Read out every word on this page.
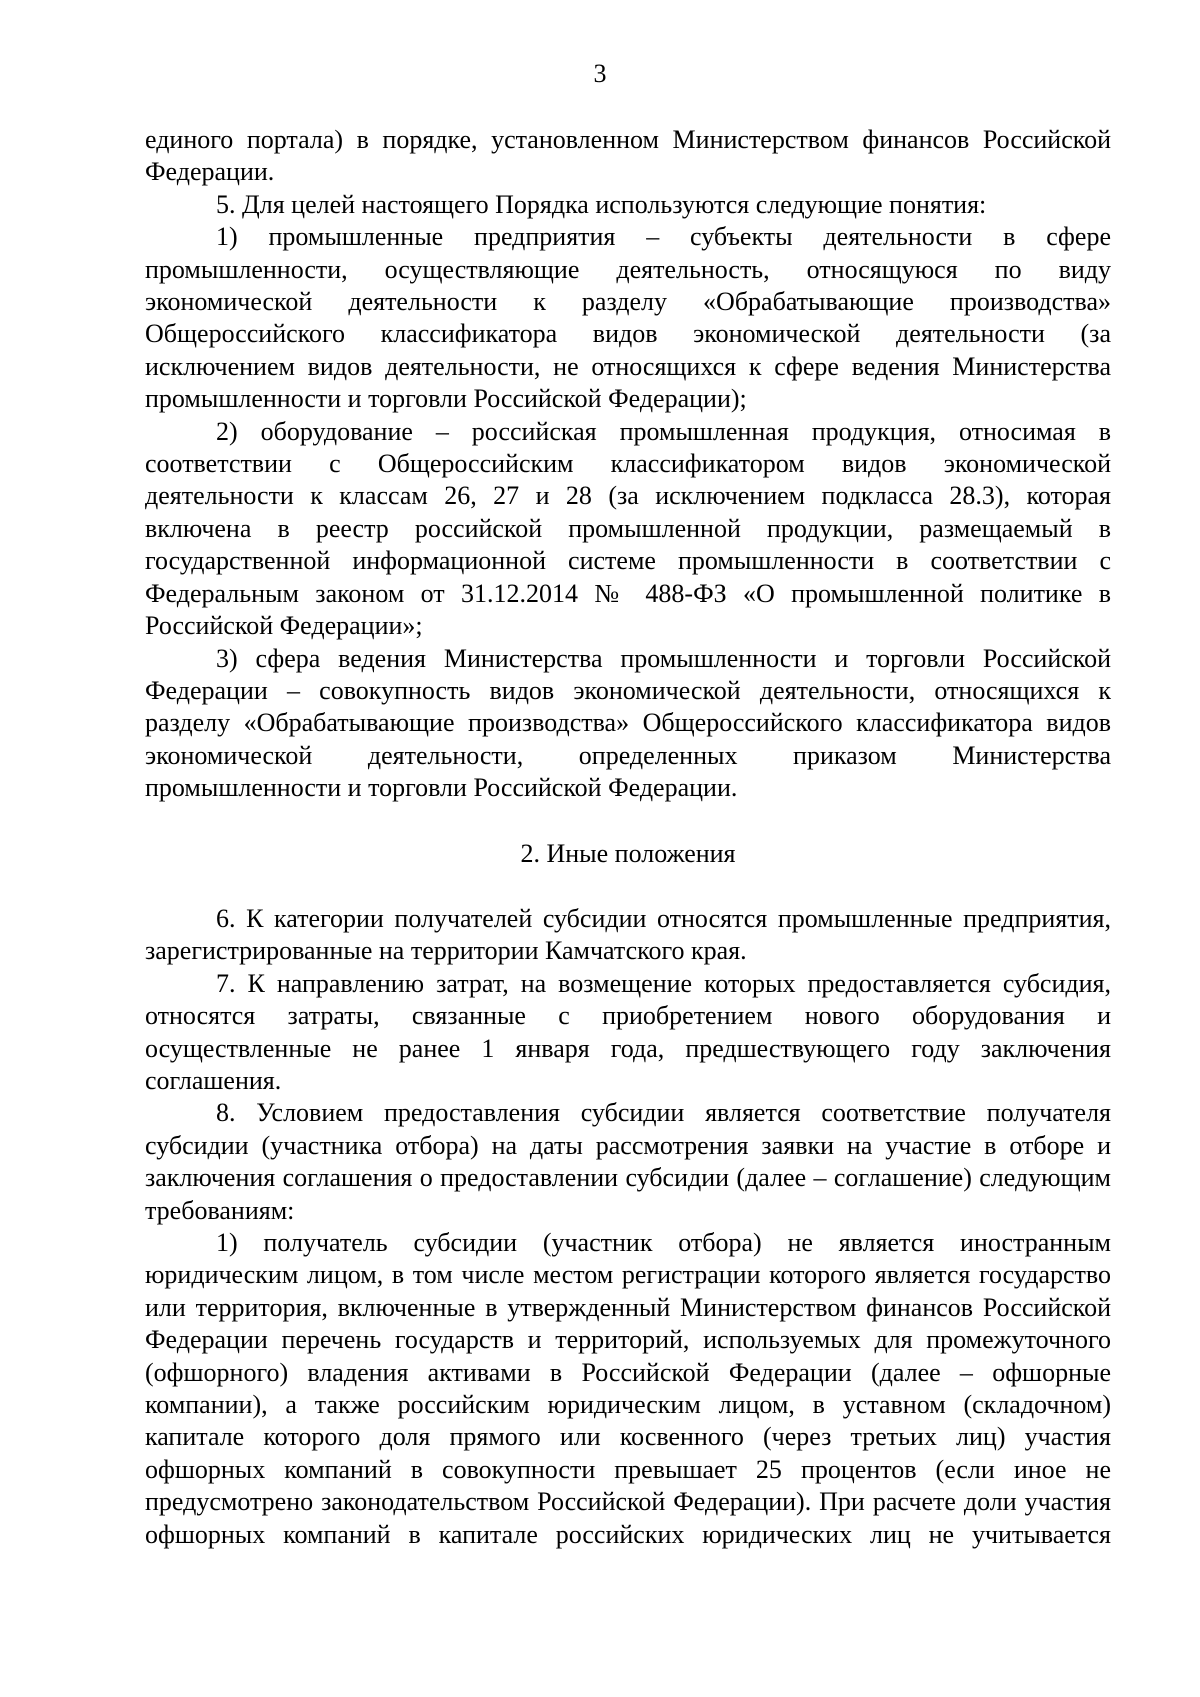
3

единого портала) в порядке, установленном Министерством финансов Российской Федерации.

5. Для целей настоящего Порядка используются следующие понятия:

1) промышленные предприятия – субъекты деятельности в сфере промышленности, осуществляющие деятельность, относящуюся по виду экономической деятельности к разделу «Обрабатывающие производства» Общероссийского классификатора видов экономической деятельности (за исключением видов деятельности, не относящихся к сфере ведения Министерства промышленности и торговли Российской Федерации);

2) оборудование – российская промышленная продукция, относимая в соответствии с Общероссийским классификатором видов экономической деятельности к классам 26, 27 и 28 (за исключением подкласса 28.3), которая включена в реестр российской промышленной продукции, размещаемый в государственной информационной системе промышленности в соответствии с Федеральным законом от 31.12.2014 № 488-ФЗ «О промышленной политике в Российской Федерации»;

3) сфера ведения Министерства промышленности и торговли Российской Федерации – совокупность видов экономической деятельности, относящихся к разделу «Обрабатывающие производства» Общероссийского классификатора видов экономической деятельности, определенных приказом Министерства промышленности и торговли Российской Федерации.

2. Иные положения

6. К категории получателей субсидии относятся промышленные предприятия, зарегистрированные на территории Камчатского края.

7. К направлению затрат, на возмещение которых предоставляется субсидия, относятся затраты, связанные с приобретением нового оборудования и осуществленные не ранее 1 января года, предшествующего году заключения соглашения.

8. Условием предоставления субсидии является соответствие получателя субсидии (участника отбора) на даты рассмотрения заявки на участие в отборе и заключения соглашения о предоставлении субсидии (далее – соглашение) следующим требованиям:

1) получатель субсидии (участник отбора) не является иностранным юридическим лицом, в том числе местом регистрации которого является государство или территория, включенные в утвержденный Министерством финансов Российской Федерации перечень государств и территорий, используемых для промежуточного (офшорного) владения активами в Российской Федерации (далее – офшорные компании), а также российским юридическим лицом, в уставном (складочном) капитале которого доля прямого или косвенного (через третьих лиц) участия офшорных компаний в совокупности превышает 25 процентов (если иное не предусмотрено законодательством Российской Федерации). При расчете доли участия офшорных компаний в капитале российских юридических лиц не учитывается
